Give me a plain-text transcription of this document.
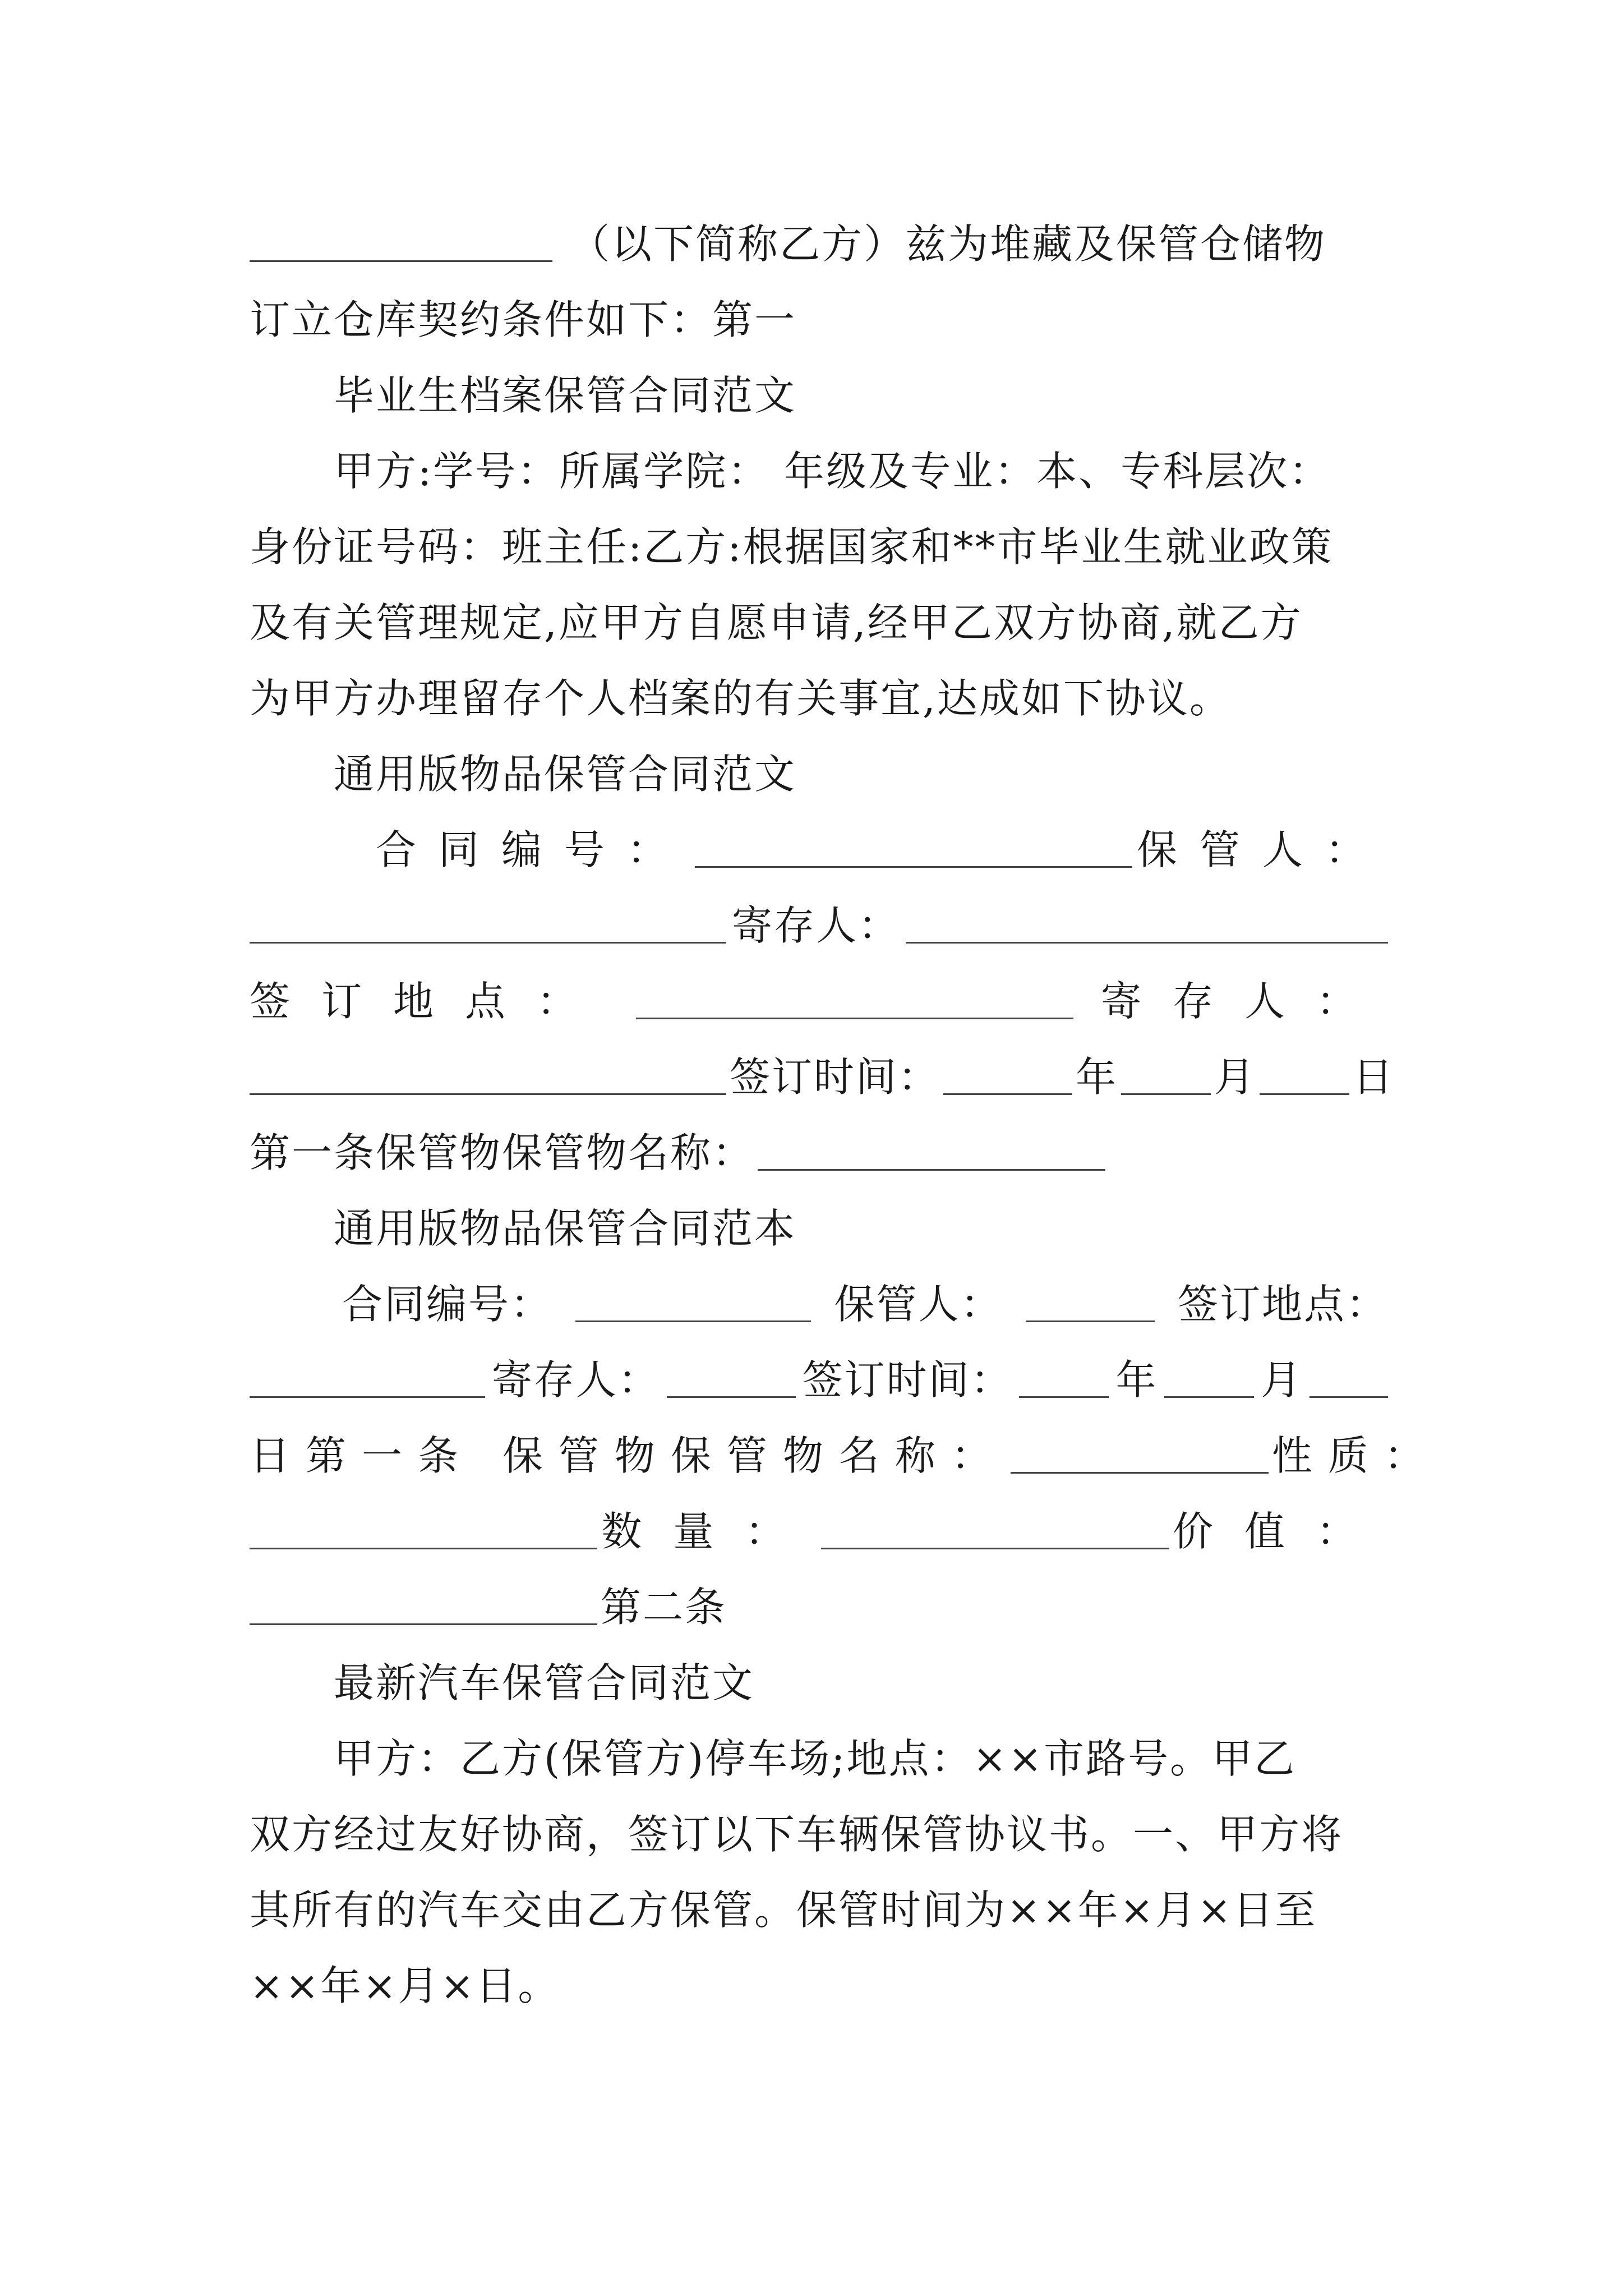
（以下简称乙方）兹为堆藏及保管仓储物
订立仓库契约条件如下：第一
毕业生档案保管合同范文
甲方:学号：所属学院： 年级及专业：本、专科层次：
身份证号码：班主任:乙方:根据国家和**市毕业生就业政策
及有关管理规定,应甲方自愿申请,经甲乙双方协商,就乙方
为甲方办理留存个人档案的有关事宜,达成如下协议。
通用版物品保管合同范文
合同编号：	保管人：
寄存人：
签订地点：	寄存人：
签订时间：	年 月 日
第一条保管物保管物名称：
通用版物品保管合同范本
合同编号：	保管人：	签订地点：
寄存人：	签订时间：	年	月
日第一条 保管物保管物名称：	性质：
数量：	价值：
第二条
最新汽车保管合同范文
甲方：乙方(保管方)停车场;地点：××市路号。甲乙
双方经过友好协商，签订以下车辆保管协议书。一、甲方将
其所有的汽车交由乙方保管。保管时间为××年×月×日至
××年×月×日。
